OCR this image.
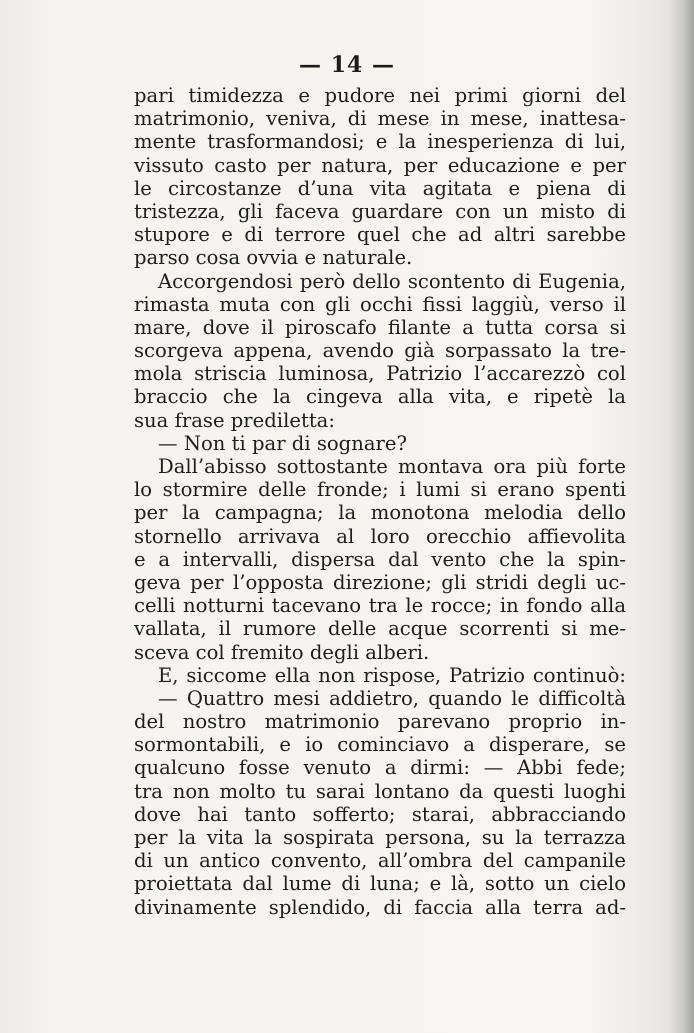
— 14 —
pari timidezza e pudore nei primi giorni del
matrimonio, veniva, di mese in mese, inattesa-
mente trasformandosi; e la inesperienza di lui,
vissuto casto per natura, per educazione e per
le circostanze d’una vita agitata e piena di
tristezza, gli faceva guardare con un misto di
stupore e di terrore quel che ad altri sarebbe
parso cosa ovvia e naturale.
Accorgendosi però dello scontento di Eugenia,
rimasta muta con gli occhi fissi laggiù, verso il
mare, dove il piroscafo filante a tutta corsa si
scorgeva appena, avendo già sorpassato la tre-
mola striscia luminosa, Patrizio l’accarezzò col
braccio che la cingeva alla vita, e ripetè la
sua frase prediletta:
— Non ti par di sognare?
Dall’abisso sottostante montava ora più forte
lo stormire delle fronde; i lumi si erano spenti
per la campagna; la monotona melodia dello
stornello arrivava al loro orecchio affievolita
e a intervalli, dispersa dal vento che la spin-
geva per l’opposta direzione; gli stridi degli uc-
celli notturni tacevano tra le rocce; in fondo alla
vallata, il rumore delle acque scorrenti si me-
sceva col fremito degli alberi.
E, siccome ella non rispose, Patrizio continuò:
— Quattro mesi addietro, quando le difficoltà
del nostro matrimonio parevano proprio in-
sormontabili, e io cominciavo a disperare, se
qualcuno fosse venuto a dirmi: — Abbi fede;
tra non molto tu sarai lontano da questi luoghi
dove hai tanto sofferto; starai, abbracciando
per la vita la sospirata persona, su la terrazza
di un antico convento, all’ombra del campanile
proiettata dal lume di luna; e là, sotto un cielo
divinamente splendido, di faccia alla terra ad-
